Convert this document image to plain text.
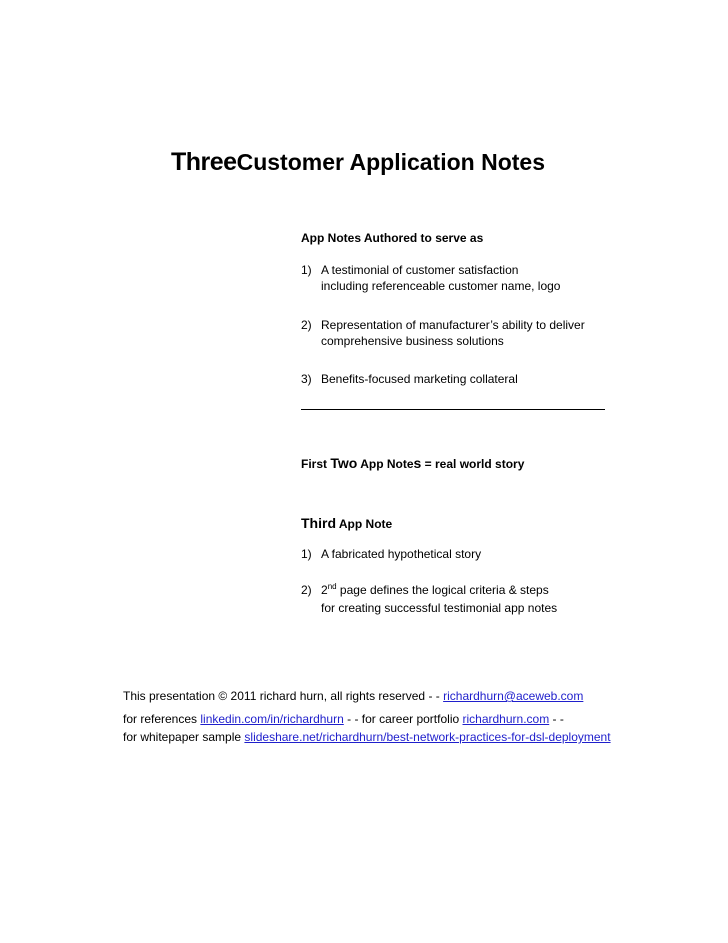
ThreeCustomer Application Notes
App Notes Authored to serve as
1) A testimonial of customer satisfaction
including referenceable customer name, logo
2) Representation of manufacturer’s ability to deliver
comprehensive business solutions
3) Benefits-focused marketing collateral
First Two App Notes = real world story
Third App Note
1) A fabricated hypothetical story
2) 2nd page defines the logical criteria & steps
for creating successful testimonial app notes
This presentation © 2011 richard hurn, all rights reserved - - richardhurn@aceweb.com
for references linkedin.com/in/richardhurn - - for career portfolio richardhurn.com - -
for whitepaper sample slideshare.net/richardhurn/best-network-practices-for-dsl-deployment
